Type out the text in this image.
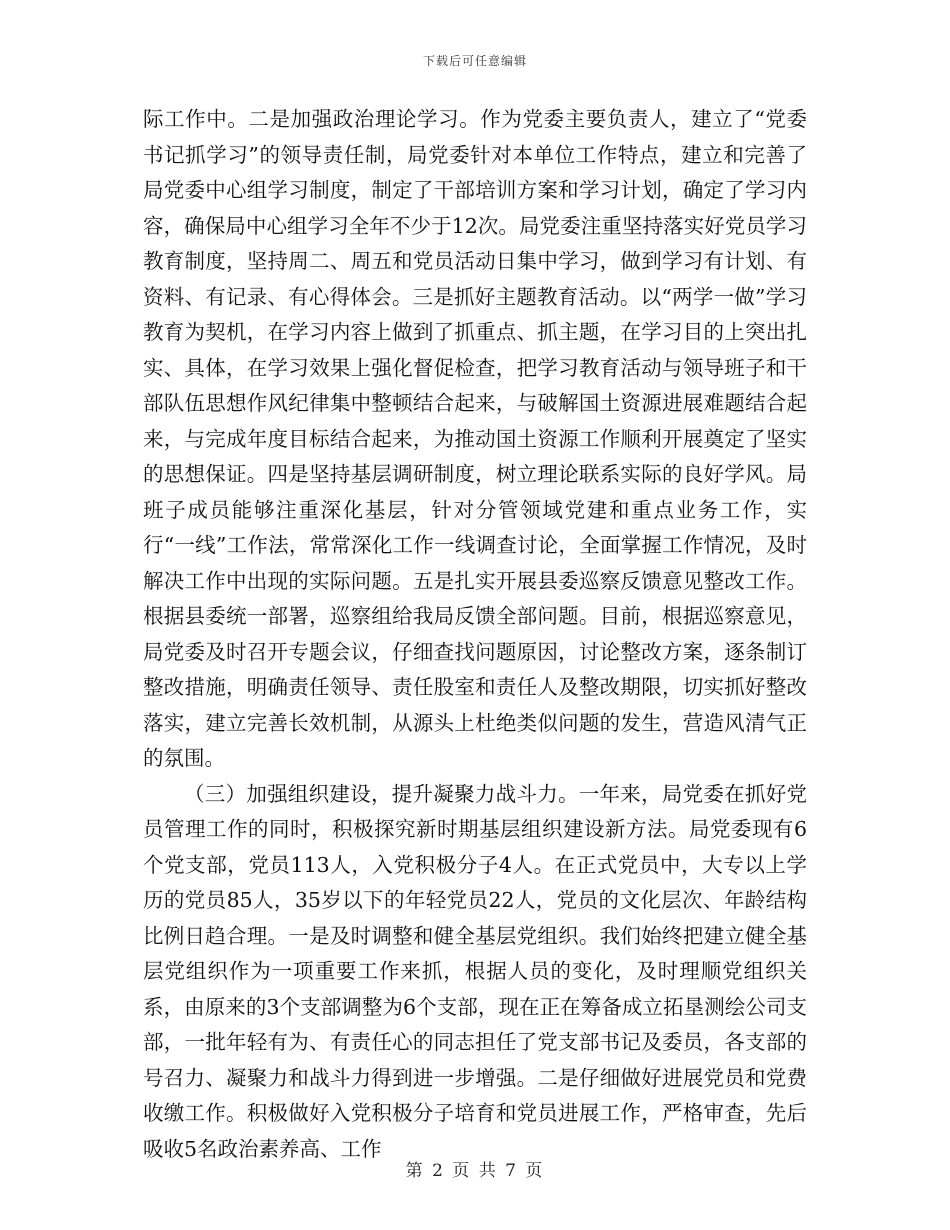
下载后可任意编辑

际工作中。二是加强政治理论学习。作为党委主要负责人，建立了“党委书记抓学习”的领导责任制，局党委针对本单位工作特点，建立和完善了局党委中心组学习制度，制定了干部培训方案和学习计划，确定了学习内容，确保局中心组学习全年不少于12次。局党委注重坚持落实好党员学习教育制度，坚持周二、周五和党员活动日集中学习，做到学习有计划、有资料、有记录、有心得体会。三是抓好主题教育活动。以“两学一做”学习教育为契机，在学习内容上做到了抓重点、抓主题，在学习目的上突出扎实、具体，在学习效果上强化督促检查，把学习教育活动与领导班子和干部队伍思想作风纪律集中整顿结合起来，与破解国土资源进展难题结合起来，与完成年度目标结合起来，为推动国土资源工作顺利开展奠定了坚实的思想保证。四是坚持基层调研制度，树立理论联系实际的良好学风。局班子成员能够注重深化基层，针对分管领域党建和重点业务工作，实行“一线”工作法，常常深化工作一线调查讨论，全面掌握工作情况，及时解决工作中出现的实际问题。五是扎实开展县委巡察反馈意见整改工作。根据县委统一部署，巡察组给我局反馈全部问题。目前，根据巡察意见，局党委及时召开专题会议，仔细查找问题原因，讨论整改方案，逐条制订整改措施，明确责任领导、责任股室和责任人及整改期限，切实抓好整改落实，建立完善长效机制，从源头上杜绝类似问题的发生，营造风清气正的氛围。

（三）加强组织建设，提升凝聚力战斗力。一年来，局党委在抓好党员管理工作的同时，积极探究新时期基层组织建设新方法。局党委现有6个党支部，党员113人，入党积极分子4人。在正式党员中，大专以上学历的党员85人，35岁以下的年轻党员22人，党员的文化层次、年龄结构比例日趋合理。一是及时调整和健全基层党组织。我们始终把建立健全基层党组织作为一项重要工作来抓，根据人员的变化，及时理顺党组织关系，由原来的3个支部调整为6个支部，现在正在筹备成立拓垦测绘公司支部，一批年轻有为、有责任心的同志担任了党支部书记及委员，各支部的号召力、凝聚力和战斗力得到进一步增强。二是仔细做好进展党员和党费收缴工作。积极做好入党积极分子培育和党员进展工作，严格审查，先后吸收5名政治素养高、工作

第 2 页 共 7 页
